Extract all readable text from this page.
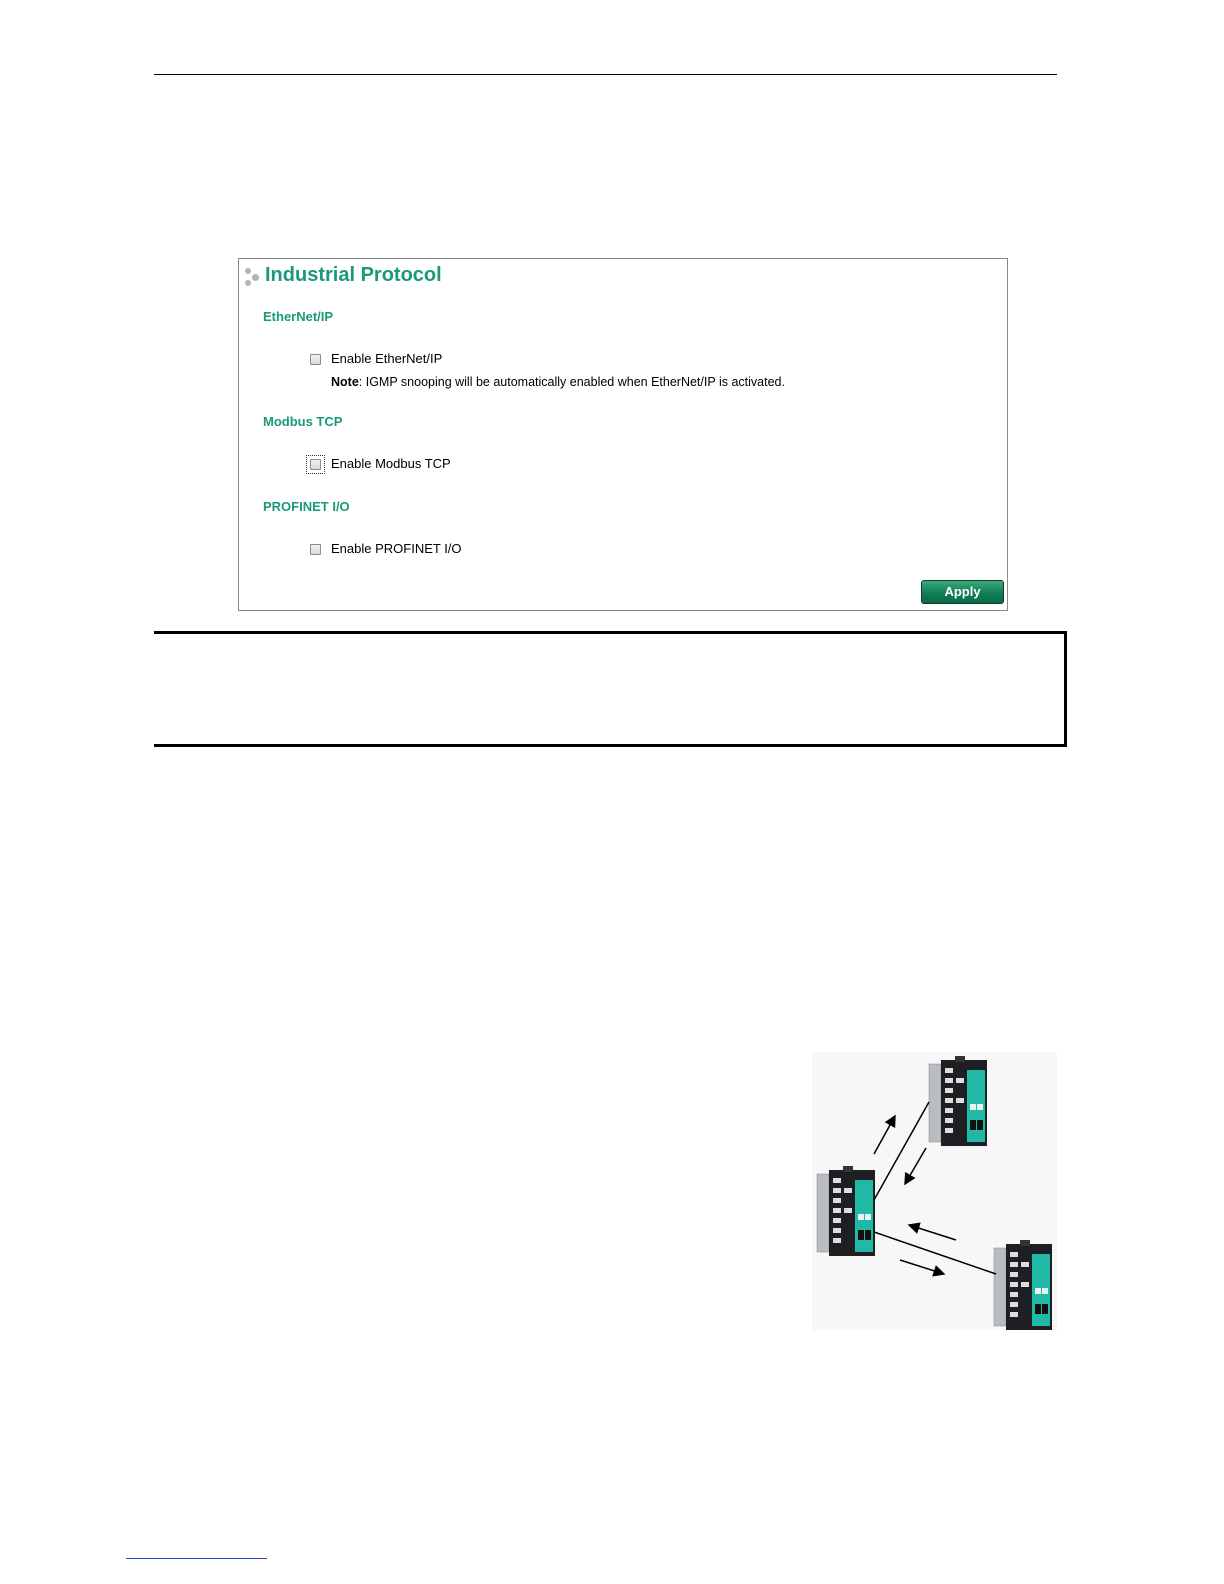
Industrial Protocol
EtherNet/IP
Enable EtherNet/IP
Note: IGMP snooping will be automatically enabled when EtherNet/IP is activated.
Modbus TCP
Enable Modbus TCP
PROFINET I/O
Enable PROFINET I/O
Apply
